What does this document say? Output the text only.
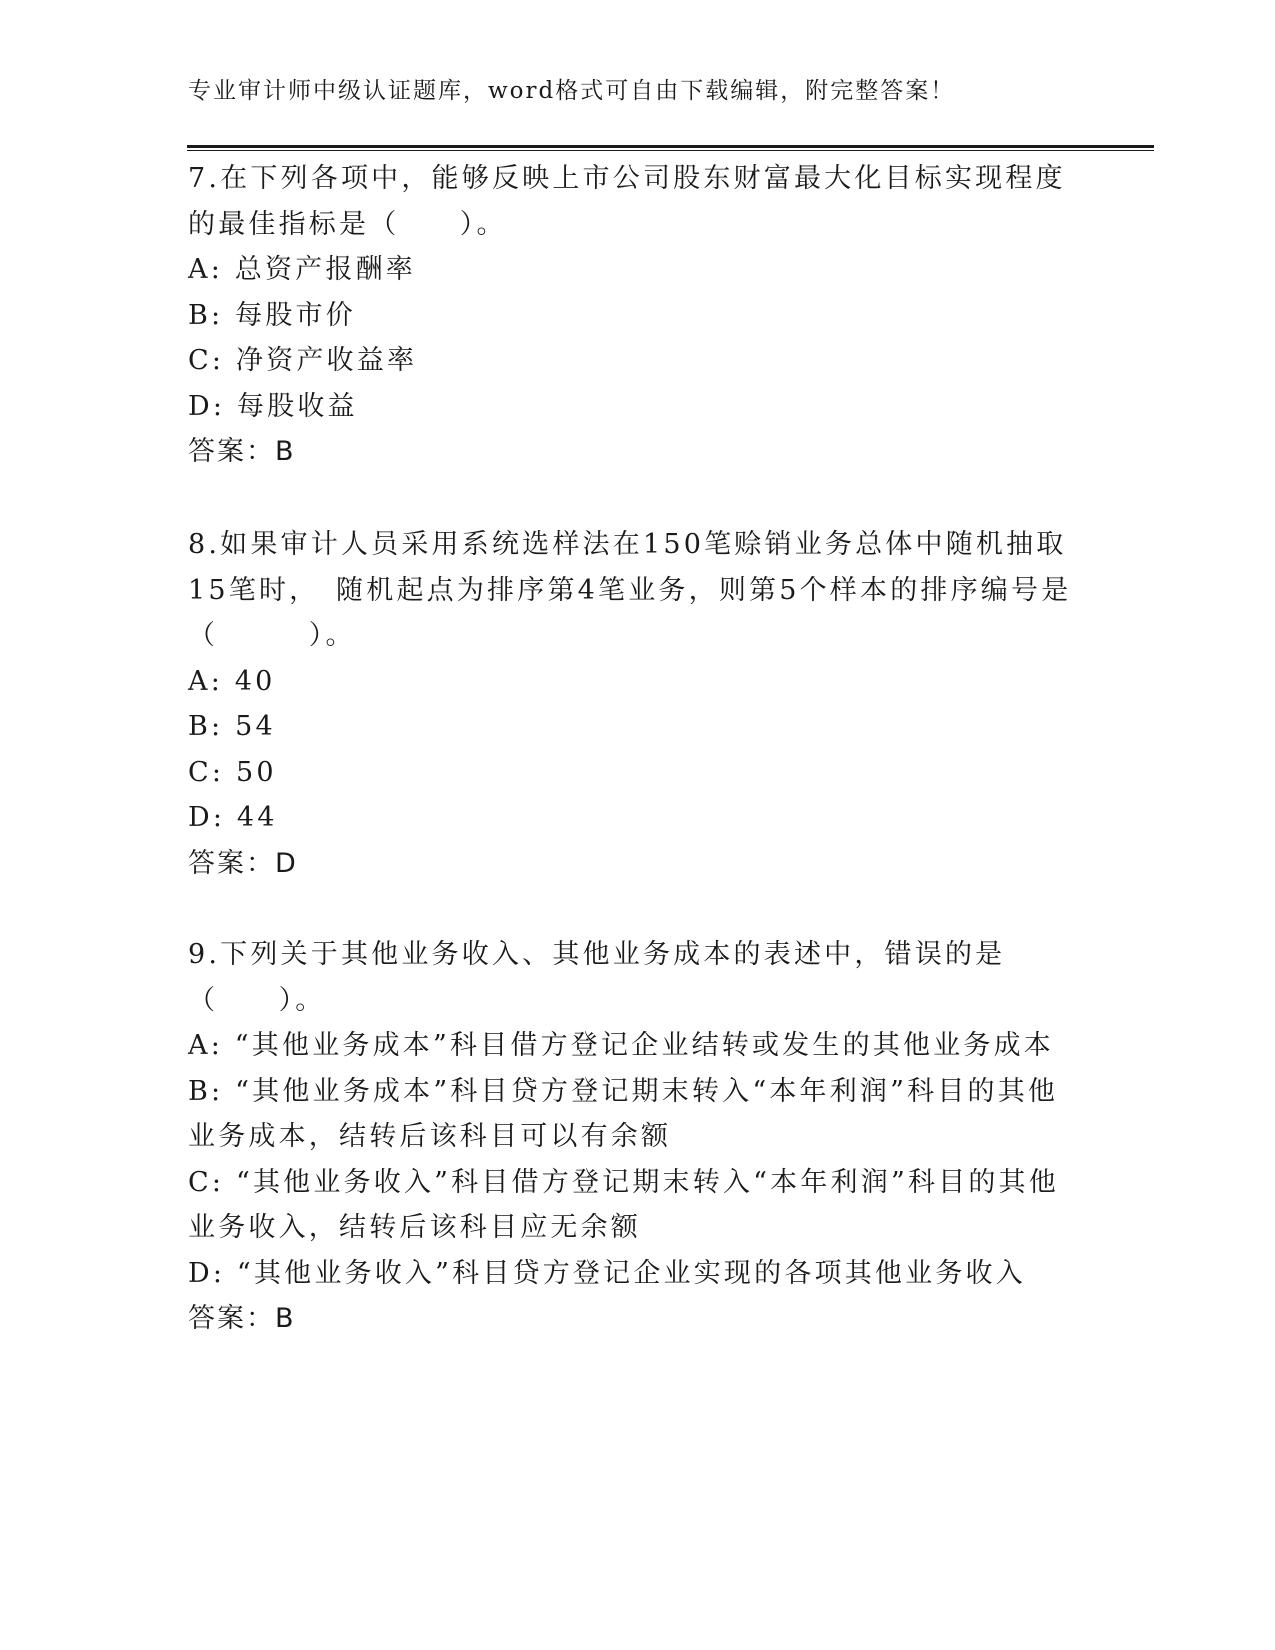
专业审计师中级认证题库，word格式可自由下载编辑，附完整答案！

7.在下列各项中，能够反映上市公司股东财富最大化目标实现程度的最佳指标是（　　）。

A: 总资产报酬率

B: 每股市价

C: 净资产收益率

D: 每股收益

答案：B

8.如果审计人员采用系统选样法在150笔赊销业务总体中随机抽取15笔时，　随机起点为排序第4笔业务，则第5个样本的排序编号是（　　　）。

A: 40

B: 54

C: 50

D: 44

答案：D

9.下列关于其他业务收入、其他业务成本的表述中，错误的是（　　）。

A: “其他业务成本”科目借方登记企业结转或发生的其他业务成本

B: “其他业务成本”科目贷方登记期末转入“本年利润”科目的其他业务成本，结转后该科目可以有余额

C: “其他业务收入”科目借方登记期末转入“本年利润”科目的其他业务收入，结转后该科目应无余额

D: “其他业务收入”科目贷方登记企业实现的各项其他业务收入

答案：B
